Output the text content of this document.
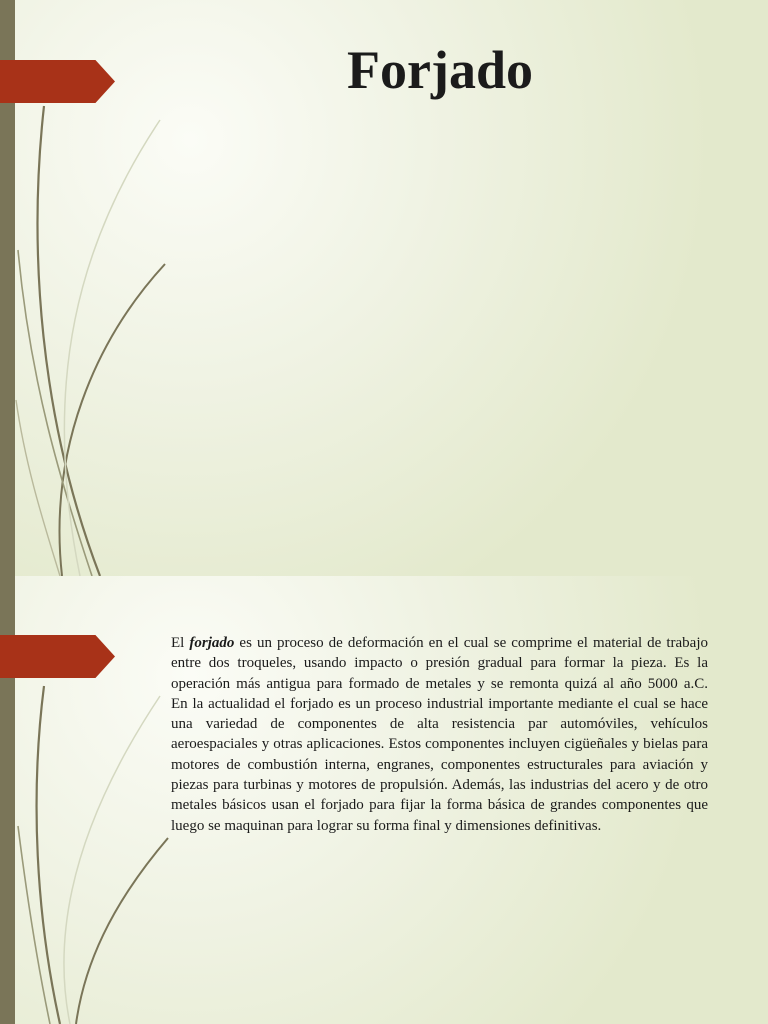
Forjado

El forjado es un proceso de deformación en el cual se comprime el material de trabajo entre dos troqueles, usando impacto o presión gradual para formar la pieza. Es la operación más antigua para formado de metales y se remonta quizá al año 5000 a.C.

En la actualidad el forjado es un proceso industrial importante mediante el cual se hace una variedad de componentes de alta resistencia par automóviles, vehículos aeroespaciales y otras aplicaciones. Estos componentes incluyen cigüeñales y bielas para motores de combustión interna, engranes, componentes estructurales para aviación y piezas para turbinas y motores de propulsión. Además, las industrias del acero y de otro metales básicos usan el forjado para fijar la forma básica de grandes componentes que luego se maquinan para lograr su forma final y dimensiones definitivas.
